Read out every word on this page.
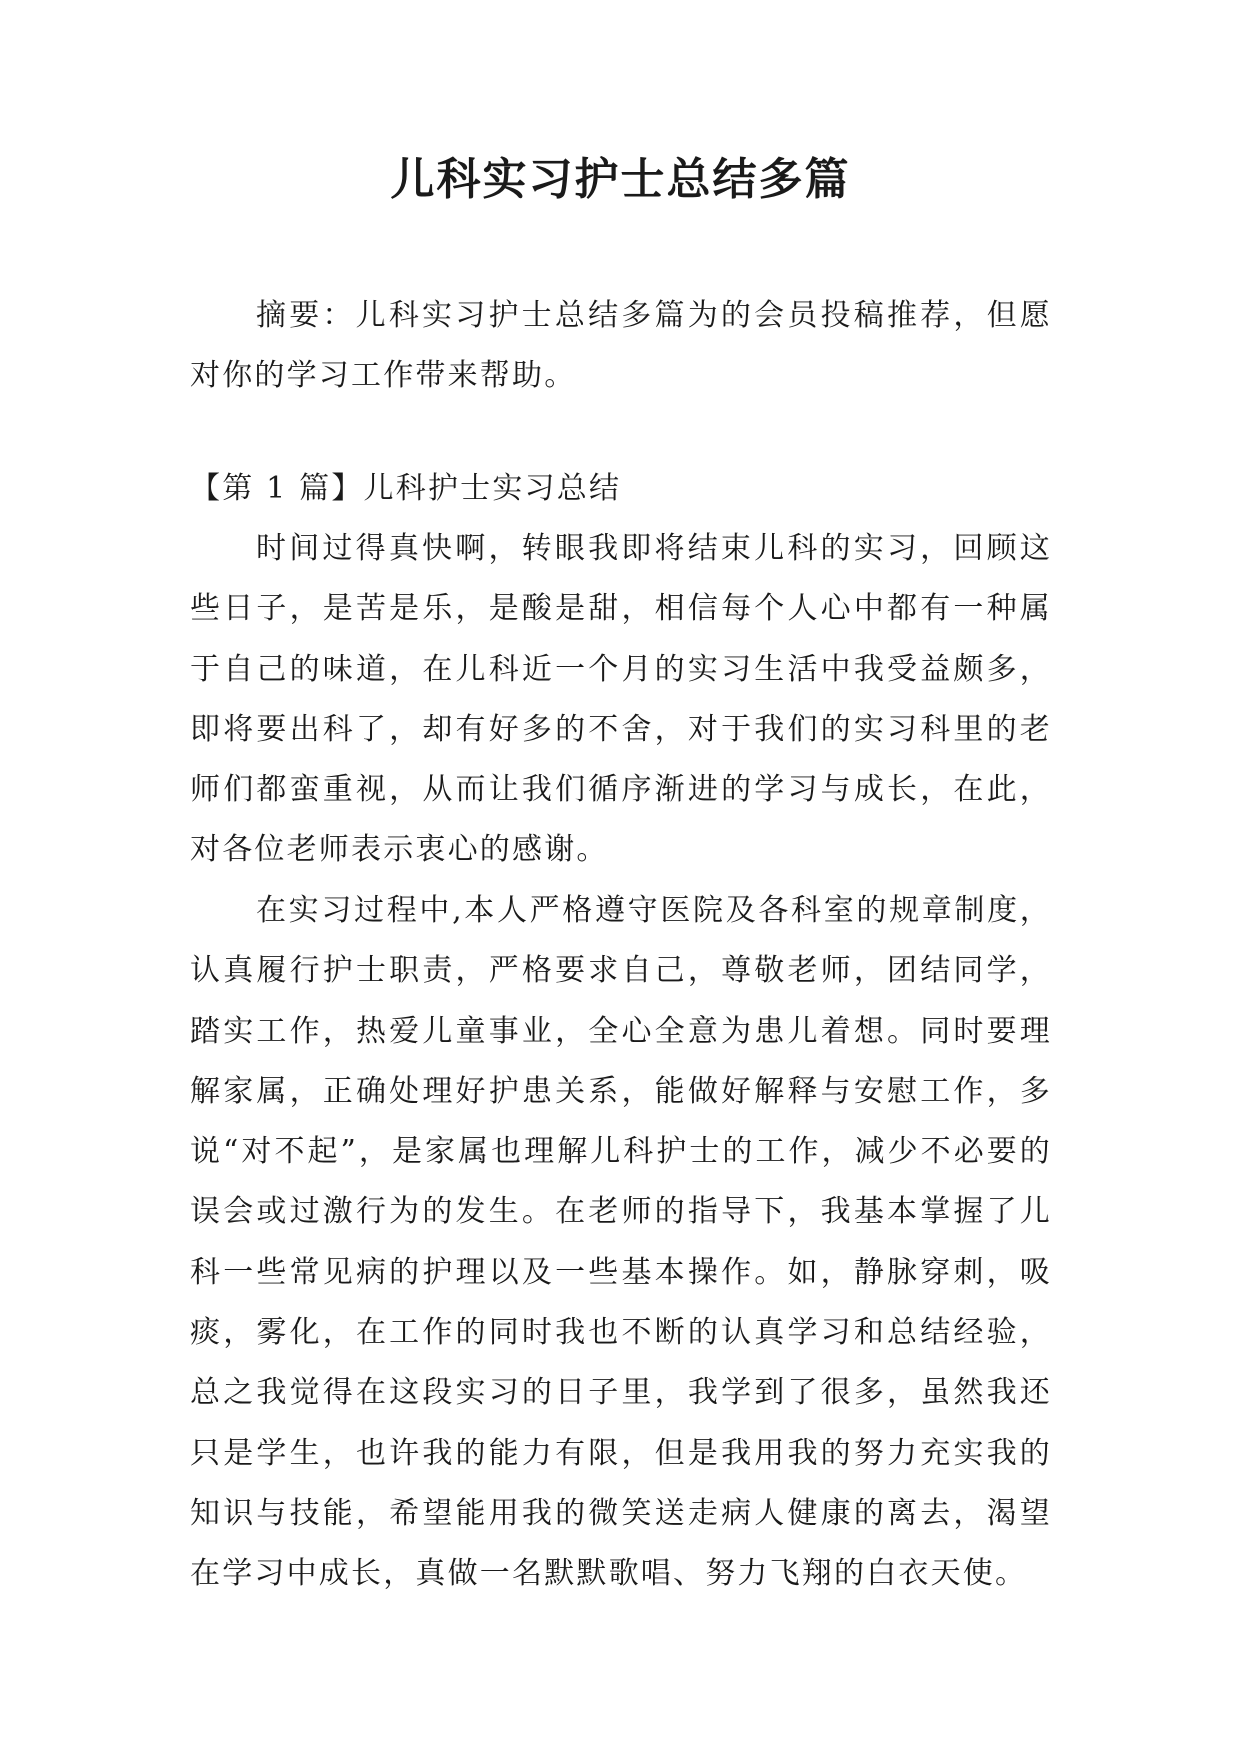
儿科实习护士总结多篇

摘要：儿科实习护士总结多篇为的会员投稿推荐，但愿对你的学习工作带来帮助。

【第 1 篇】儿科护士实习总结

时间过得真快啊，转眼我即将结束儿科的实习，回顾这些日子，是苦是乐，是酸是甜，相信每个人心中都有一种属于自己的味道，在儿科近一个月的实习生活中我受益颇多，即将要出科了，却有好多的不舍，对于我们的实习科里的老师们都蛮重视，从而让我们循序渐进的学习与成长，在此，对各位老师表示衷心的感谢。

在实习过程中,本人严格遵守医院及各科室的规章制度，认真履行护士职责，严格要求自己，尊敬老师，团结同学，踏实工作，热爱儿童事业，全心全意为患儿着想。同时要理解家属，正确处理好护患关系，能做好解释与安慰工作，多说“对不起”，是家属也理解儿科护士的工作，减少不必要的误会或过激行为的发生。在老师的指导下，我基本掌握了儿科一些常见病的护理以及一些基本操作。如，静脉穿刺，吸痰，雾化，在工作的同时我也不断的认真学习和总结经验，总之我觉得在这段实习的日子里，我学到了很多，虽然我还只是学生，也许我的能力有限，但是我用我的努力充实我的知识与技能，希望能用我的微笑送走病人健康的离去，渴望在学习中成长，真做一名默默歌唱、努力飞翔的白衣天使。
